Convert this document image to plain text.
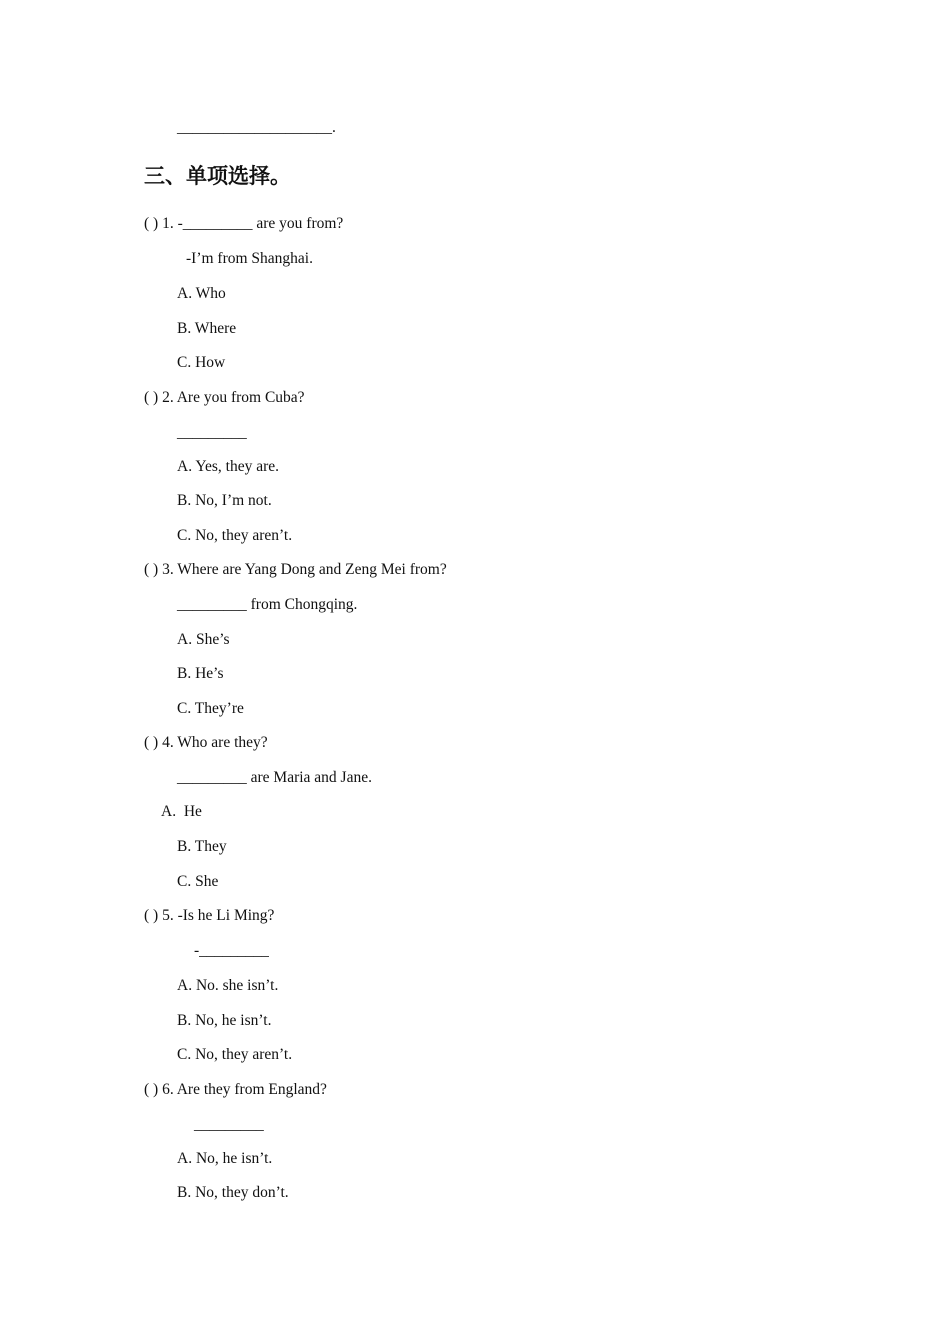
____________________.
三、单项选择。
( ) 1. -_________ are you from?
-I’m from Shanghai.
A. Who
B. Where
C. How
( ) 2. Are you from Cuba?
_________
A. Yes, they are.
B. No, I’m not.
C. No, they aren’t.
( ) 3. Where are Yang Dong and Zeng Mei from?
_________ from Chongqing.
A. She’s
B. He’s
C. They’re
( ) 4. Who are they?
_________ are Maria and Jane.
A.  He
B. They
C. She
( ) 5. -Is he Li Ming?
-_________
A. No. she isn’t.
B. No, he isn’t.
C. No, they aren’t.
( ) 6. Are they from England?
_________
A. No, he isn’t.
B. No, they don’t.
